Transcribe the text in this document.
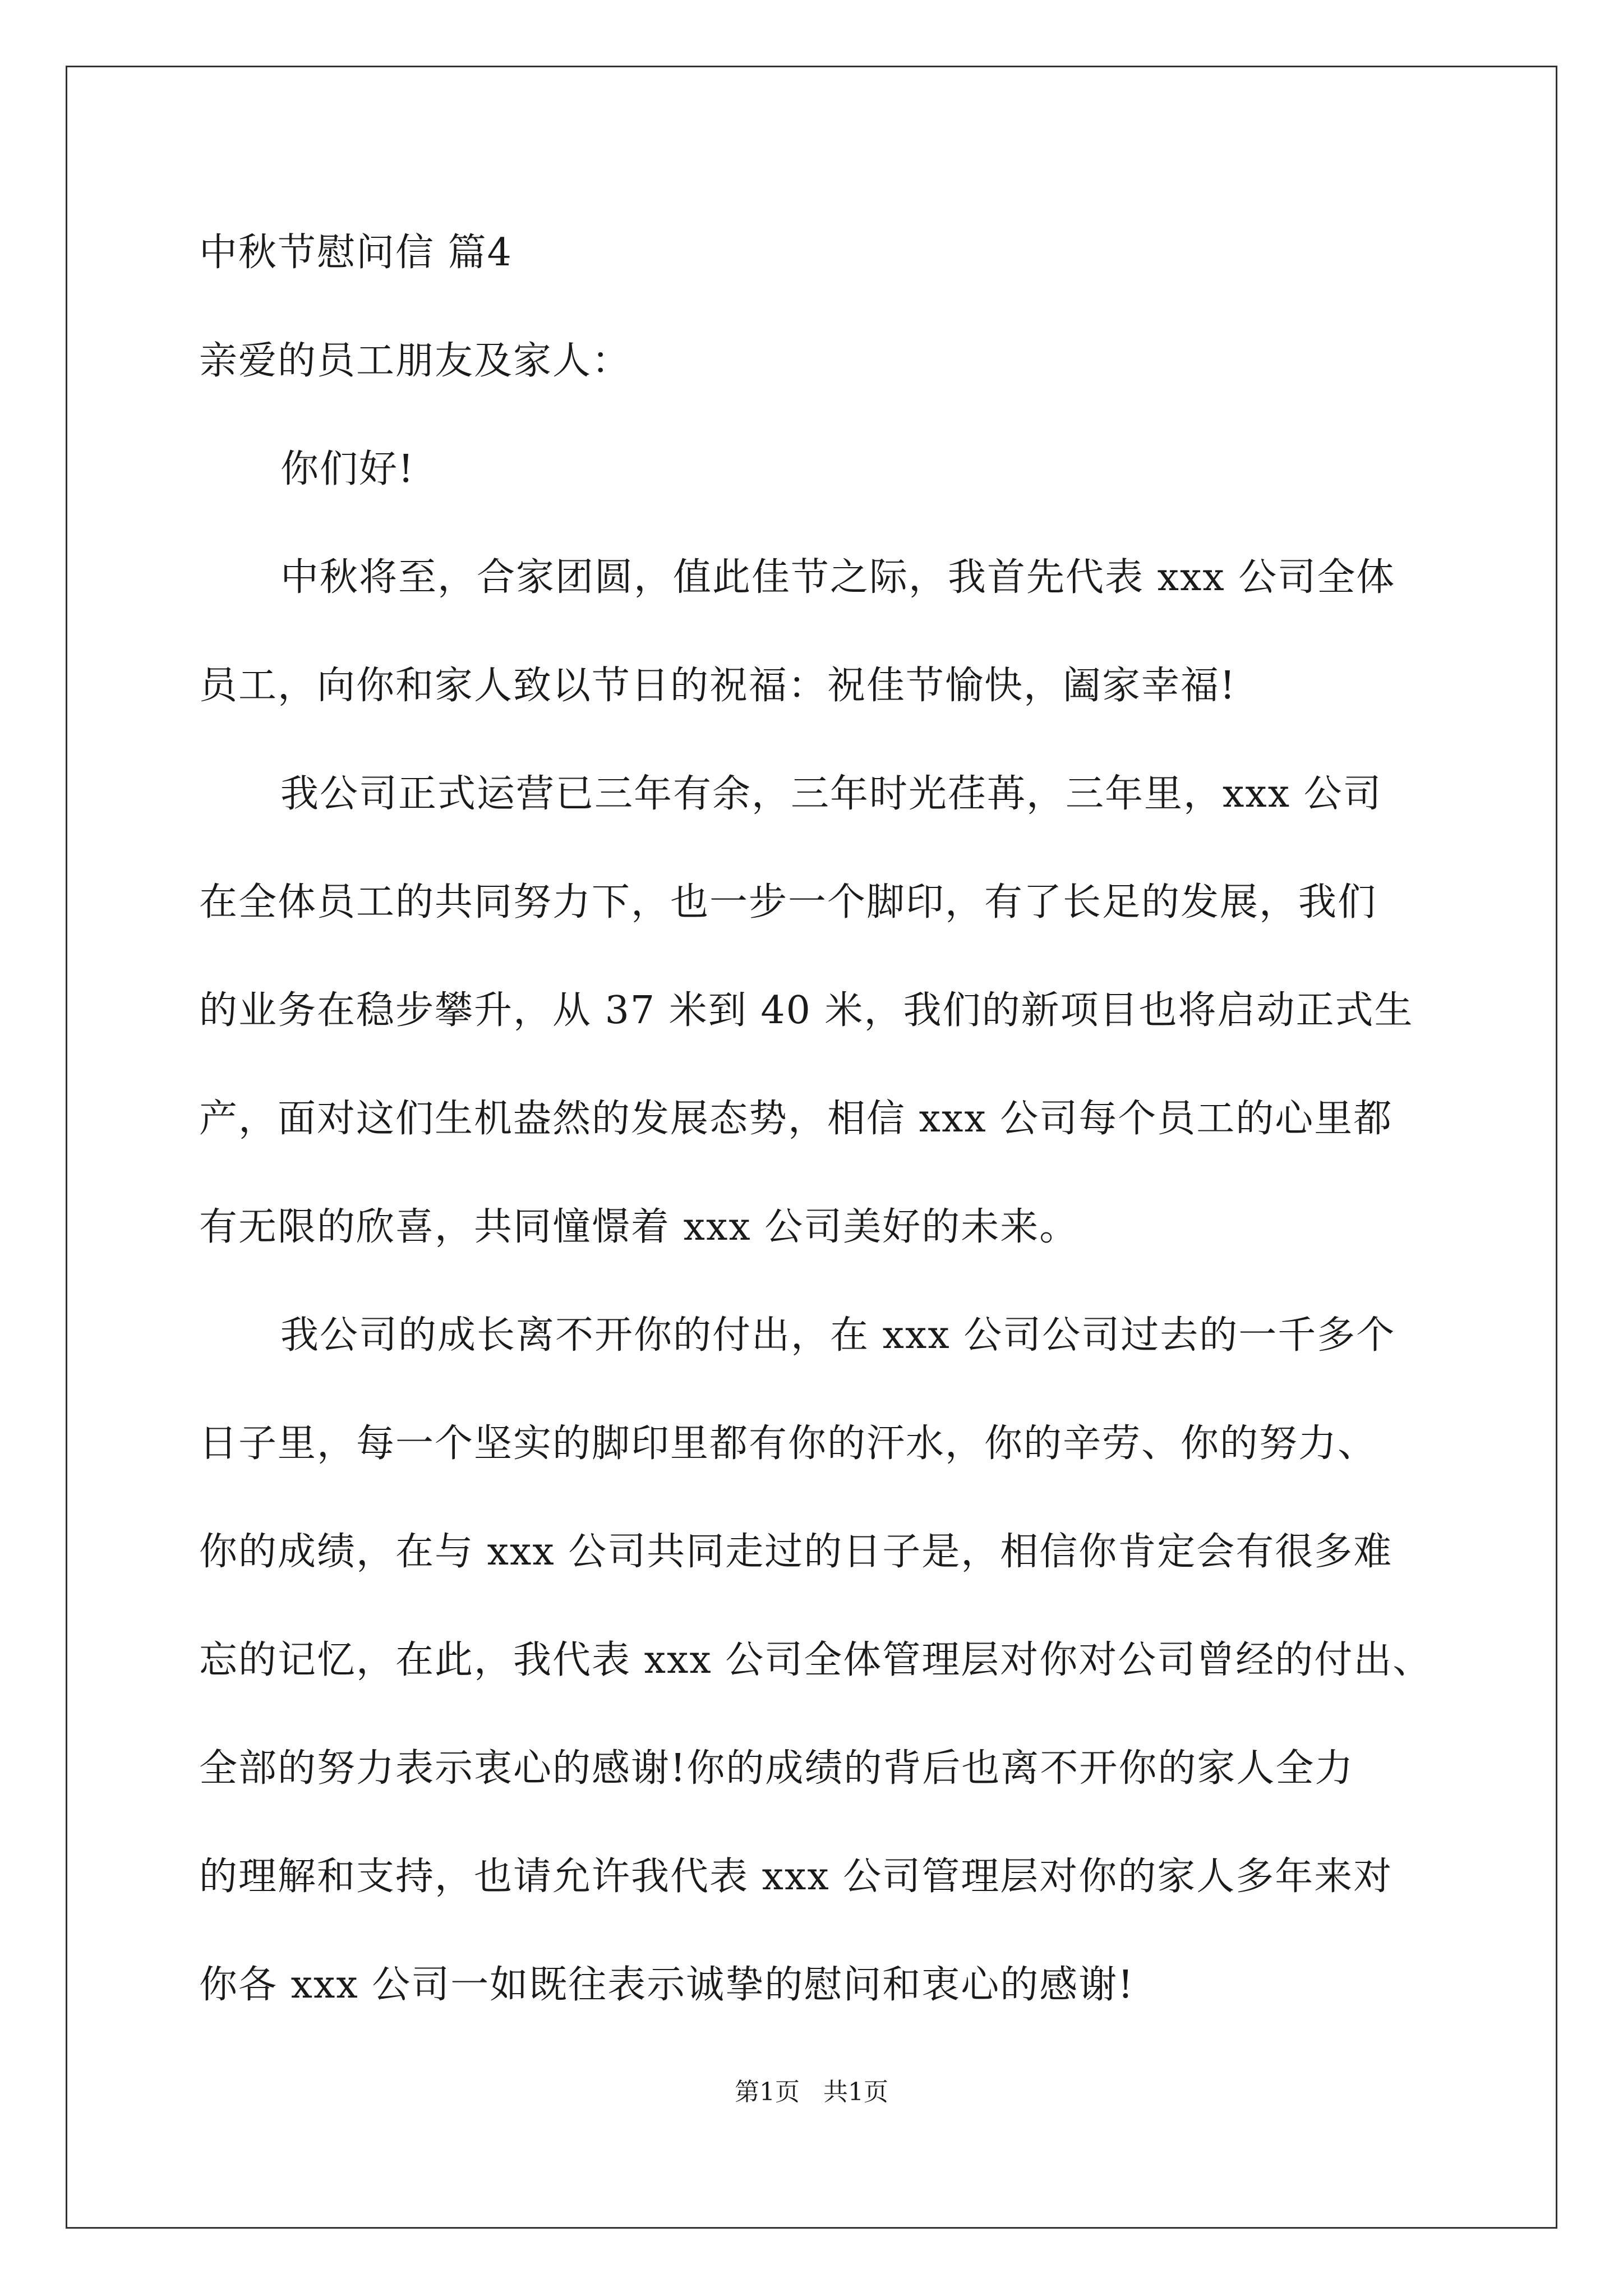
中秋节慰问信 篇4
亲爱的员工朋友及家人：
你们好!
中秋将至，合家团圆，值此佳节之际，我首先代表 xxx 公司全体
员工，向你和家人致以节日的祝福：祝佳节愉快，阖家幸福!
我公司正式运营已三年有余，三年时光荏苒，三年里，xxx 公司
在全体员工的共同努力下，也一步一个脚印，有了长足的发展，我们
的业务在稳步攀升，从 37 米到 40 米，我们的新项目也将启动正式生
产，面对这们生机盎然的发展态势，相信 xxx 公司每个员工的心里都
有无限的欣喜，共同憧憬着 xxx 公司美好的未来。
我公司的成长离不开你的付出，在 xxx 公司公司过去的一千多个
日子里，每一个坚实的脚印里都有你的汗水，你的辛劳、你的努力、
你的成绩，在与 xxx 公司共同走过的日子是，相信你肯定会有很多难
忘的记忆，在此，我代表 xxx 公司全体管理层对你对公司曾经的付出、
全部的努力表示衷心的感谢!你的成绩的背后也离不开你的家人全力
的理解和支持，也请允许我代表 xxx 公司管理层对你的家人多年来对
你各 xxx 公司一如既往表示诚挚的慰问和衷心的感谢!
第1页   共1页
